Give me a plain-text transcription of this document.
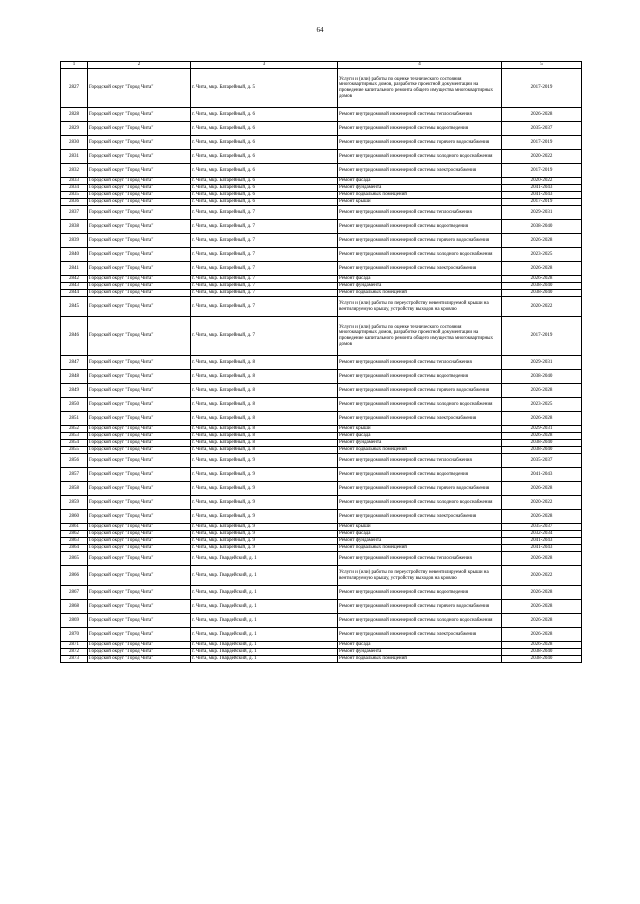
64
1	2	3	4	5
2827	Городской округ "Город Чита"	г. Чита, мкр. Батарейный, д. 5	Услуги и (или) работы по оценке технического состояния многоквартирных домов, разработке проектной документации на проведение капитального ремонта общего имущества многоквартирных домов	2017-2019
2828	Городской округ "Город Чита"	г. Чита, мкр. Батарейный, д. 6	Ремонт внутридомовой инженерной системы теплоснабжения	2026-2028
2829	Городской округ "Город Чита"	г. Чита, мкр. Батарейный, д. 6	Ремонт внутридомовой инженерной системы водоотведения	2035-2037
2830	Городской округ "Город Чита"	г. Чита, мкр. Батарейный, д. 6	Ремонт внутридомовой инженерной системы горячего водоснабжения	2017-2019
2831	Городской округ "Город Чита"	г. Чита, мкр. Батарейный, д. 6	Ремонт внутридомовой инженерной системы холодного водоснабжения	2020-2022
2832	Городской округ "Город Чита"	г. Чита, мкр. Батарейный, д. 6	Ремонт внутридомовой инженерной системы электроснабжения	2017-2019
2833	Городской округ "Город Чита"	г. Чита, мкр. Батарейный, д. 6	Ремонт фасада	2020-2022
2834	Городской округ "Город Чита"	г. Чита, мкр. Батарейный, д. 6	Ремонт фундамента	2041-2043
2835	Городской округ "Город Чита"	г. Чита, мкр. Батарейный, д. 6	Ремонт подвальных помещений	2041-2043
2836	Городской округ "Город Чита"	г. Чита, мкр. Батарейный, д. 6	Ремонт крыши	2017-2019
2837	Городской округ "Город Чита"	г. Чита, мкр. Батарейный, д. 7	Ремонт внутридомовой инженерной системы теплоснабжения	2029-2031
2838	Городской округ "Город Чита"	г. Чита, мкр. Батарейный, д. 7	Ремонт внутридомовой инженерной системы водоотведения	2038-2040
2839	Городской округ "Город Чита"	г. Чита, мкр. Батарейный, д. 7	Ремонт внутридомовой инженерной системы горячего водоснабжения	2026-2028
2840	Городской округ "Город Чита"	г. Чита, мкр. Батарейный, д. 7	Ремонт внутридомовой инженерной системы холодного водоснабжения	2023-2025
2841	Городской округ "Город Чита"	г. Чита, мкр. Батарейный, д. 7	Ремонт внутридомовой инженерной системы электроснабжения	2026-2028
2842	Городской округ "Город Чита"	г. Чита, мкр. Батарейный, д. 7	Ремонт фасада	2026-2028
2843	Городской округ "Город Чита"	г. Чита, мкр. Батарейный, д. 7	Ремонт фундамента	2038-2040
2844	Городской округ "Город Чита"	г. Чита, мкр. Батарейный, д. 7	Ремонт подвальных помещений	2038-2040
2845	Городской округ "Город Чита"	г. Чита, мкр. Батарейный, д. 7	Услуги и (или) работы по переустройству невентилируемой крыши на вентилируемую крышу, устройству выходов на кровлю	2020-2022
2846	Городской округ "Город Чита"	г. Чита, мкр. Батарейный, д. 7	Услуги и (или) работы по оценке технического состояния многоквартирных домов, разработке проектной документации на проведение капитального ремонта общего имущества многоквартирных домов	2017-2019
2847	Городской округ "Город Чита"	г. Чита, мкр. Батарейный, д. 8	Ремонт внутридомовой инженерной системы теплоснабжения	2029-2031
2848	Городской округ "Город Чита"	г. Чита, мкр. Батарейный, д. 8	Ремонт внутридомовой инженерной системы водоотведения	2038-2040
2849	Городской округ "Город Чита"	г. Чита, мкр. Батарейный, д. 8	Ремонт внутридомовой инженерной системы горячего водоснабжения	2026-2028
2850	Городской округ "Город Чита"	г. Чита, мкр. Батарейный, д. 8	Ремонт внутридомовой инженерной системы холодного водоснабжения	2023-2025
2851	Городской округ "Город Чита"	г. Чита, мкр. Батарейный, д. 8	Ремонт внутридомовой инженерной системы электроснабжения	2026-2028
2852	Городской округ "Город Чита"	г. Чита, мкр. Батарейный, д. 8	Ремонт крыши	2029-2031
2853	Городской округ "Город Чита"	г. Чита, мкр. Батарейный, д. 8	Ремонт фасада	2026-2028
2854	Городской округ "Город Чита"	г. Чита, мкр. Батарейный, д. 8	Ремонт фундамента	2038-2040
2855	Городской округ "Город Чита"	г. Чита, мкр. Батарейный, д. 8	Ремонт подвальных помещений	2038-2040
2856	Городской округ "Город Чита"	г. Чита, мкр. Батарейный, д. 9	Ремонт внутридомовой инженерной системы теплоснабжения	2035-2037
2857	Городской округ "Город Чита"	г. Чита, мкр. Батарейный, д. 9	Ремонт внутридомовой инженерной системы водоотведения	2041-2043
2858	Городской округ "Город Чита"	г. Чита, мкр. Батарейный, д. 9	Ремонт внутридомовой инженерной системы горячего водоснабжения	2026-2028
2859	Городской округ "Город Чита"	г. Чита, мкр. Батарейный, д. 9	Ремонт внутридомовой инженерной системы холодного водоснабжения	2020-2022
2860	Городской округ "Город Чита"	г. Чита, мкр. Батарейный, д. 9	Ремонт внутридомовой инженерной системы электроснабжения	2026-2028
2861	Городской округ "Город Чита"	г. Чита, мкр. Батарейный, д. 9	Ремонт крыши	2035-2037
2862	Городской округ "Город Чита"	г. Чита, мкр. Батарейный, д. 9	Ремонт фасада	2032-2034
2863	Городской округ "Город Чита"	г. Чита, мкр. Батарейный, д. 9	Ремонт фундамента	2041-2043
2864	Городской округ "Город Чита"	г. Чита, мкр. Батарейный, д. 9	Ремонт подвальных помещений	2041-2043
2865	Городской округ "Город Чита"	г. Чита, мкр. Гвардейский, д. 1	Ремонт внутридомовой инженерной системы теплоснабжения	2026-2028
2866	Городской округ "Город Чита"	г. Чита, мкр. Гвардейский, д. 1	Услуги и (или) работы по переустройству невентилируемой крыши на вентилируемую крышу, устройству выходов на кровлю	2020-2022
2867	Городской округ "Город Чита"	г. Чита, мкр. Гвардейский, д. 1	Ремонт внутридомовой инженерной системы водоотведения	2026-2028
2868	Городской округ "Город Чита"	г. Чита, мкр. Гвардейский, д. 1	Ремонт внутридомовой инженерной системы горячего водоснабжения	2026-2028
2869	Городской округ "Город Чита"	г. Чита, мкр. Гвардейский, д. 1	Ремонт внутридомовой инженерной системы холодного водоснабжения	2026-2028
2870	Городской округ "Город Чита"	г. Чита, мкр. Гвардейский, д. 1	Ремонт внутридомовой инженерной системы электроснабжения	2026-2028
2871	Городской округ "Город Чита"	г. Чита, мкр. Гвардейский, д. 1	Ремонт фасада	2026-2028
2872	Городской округ "Город Чита"	г. Чита, мкр. Гвардейский, д. 1	Ремонт фундамента	2038-2040
2873	Городской округ "Город Чита"	г. Чита, мкр. Гвардейский, д. 1	Ремонт подвальных помещений	2038-2040
